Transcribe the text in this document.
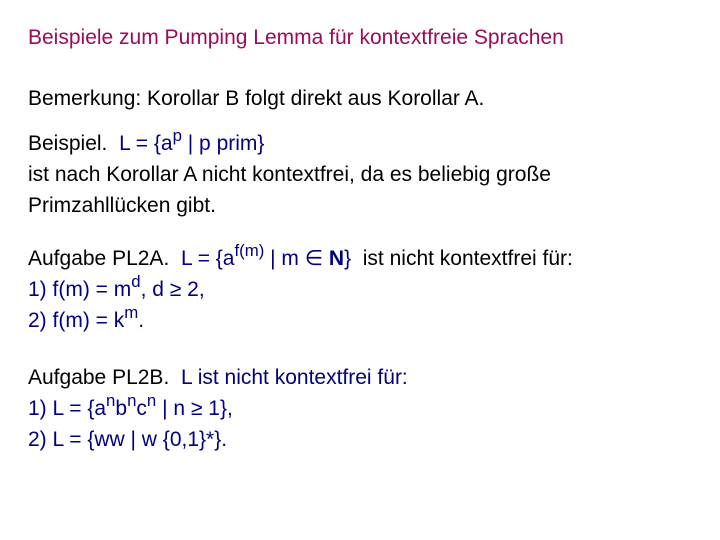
Beispiele zum Pumping Lemma für kontextfreie Sprachen
Bemerkung: Korollar B folgt direkt aus Korollar A.
Beispiel. $L = \{a^p$ | p prim}
ist nach Korollar A nicht kontextfrei, da es beliebig große
Primzahllücken gibt.
Aufgabe PL2A. $L = \{a^{f(m)}$ | m ∈ N} ist nicht kontextfrei für:
1) $f(m) = m^d$, d ≥ 2,
2) $f(m) = k^m$.
Aufgabe PL2B. L ist nicht kontextfrei für:
1) $L = \{a^nb^nc^n$ | n ≥ 1},
2) L = {ww | w {0,1}*}.
